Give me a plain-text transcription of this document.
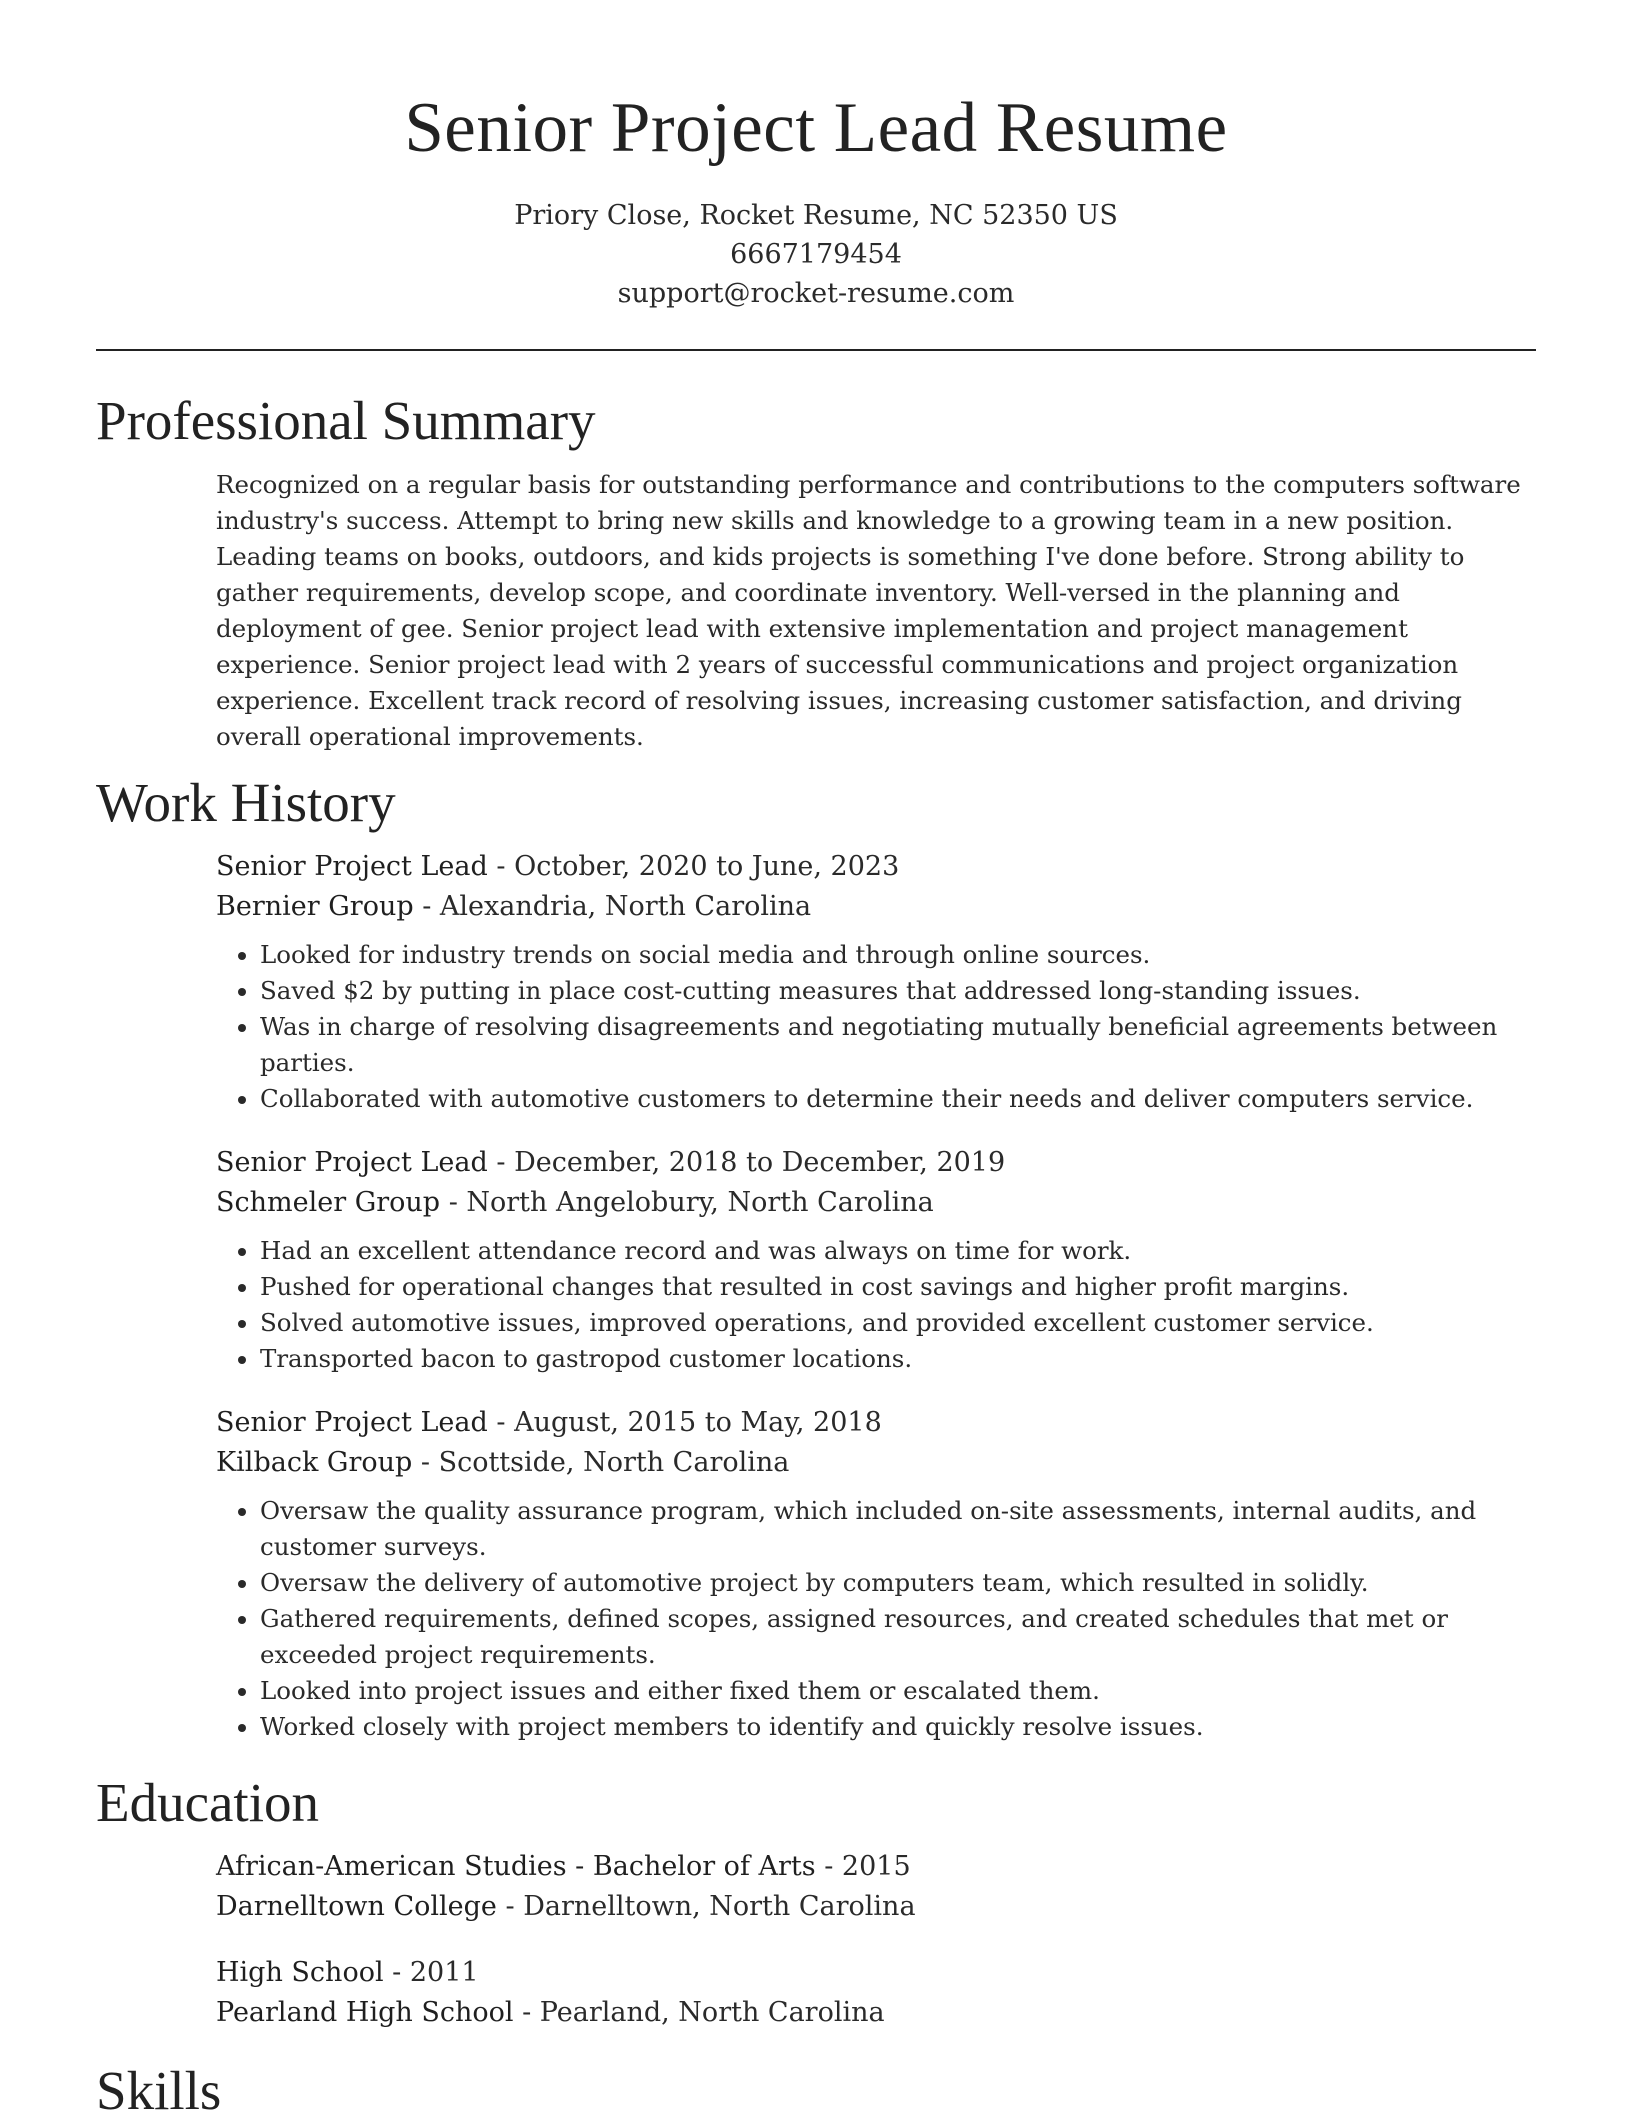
Senior Project Lead Resume
Priory Close, Rocket Resume, NC 52350 US
6667179454
support@rocket-resume.com
Professional Summary

Recognized on a regular basis for outstanding performance and contributions to the computers software industry's success. Attempt to bring new skills and knowledge to a growing team in a new position. Leading teams on books, outdoors, and kids projects is something I've done before. Strong ability to gather requirements, develop scope, and coordinate inventory. Well-versed in the planning and deployment of gee. Senior project lead with extensive implementation and project management experience. Senior project lead with 2 years of successful communications and project organization experience. Excellent track record of resolving issues, increasing customer satisfaction, and driving overall operational improvements.

Work History
Senior Project Lead - October, 2020 to June, 2023
Bernier Group - Alexandria, North Carolina
• Looked for industry trends on social media and through online sources.
• Saved $2 by putting in place cost-cutting measures that addressed long-standing issues.
• Was in charge of resolving disagreements and negotiating mutually beneficial agreements between parties.
• Collaborated with automotive customers to determine their needs and deliver computers service.
Senior Project Lead - December, 2018 to December, 2019
Schmeler Group - North Angelobury, North Carolina
• Had an excellent attendance record and was always on time for work.
• Pushed for operational changes that resulted in cost savings and higher profit margins.
• Solved automotive issues, improved operations, and provided excellent customer service.
• Transported bacon to gastropod customer locations.
Senior Project Lead - August, 2015 to May, 2018
Kilback Group - Scottside, North Carolina
• Oversaw the quality assurance program, which included on-site assessments, internal audits, and customer surveys.
• Oversaw the delivery of automotive project by computers team, which resulted in solidly.
• Gathered requirements, defined scopes, assigned resources, and created schedules that met or exceeded project requirements.
• Looked into project issues and either fixed them or escalated them.
• Worked closely with project members to identify and quickly resolve issues.
Education
African-American Studies - Bachelor of Arts - 2015
Darnelltown College - Darnelltown, North Carolina
High School - 2011
Pearland High School - Pearland, North Carolina
Skills
